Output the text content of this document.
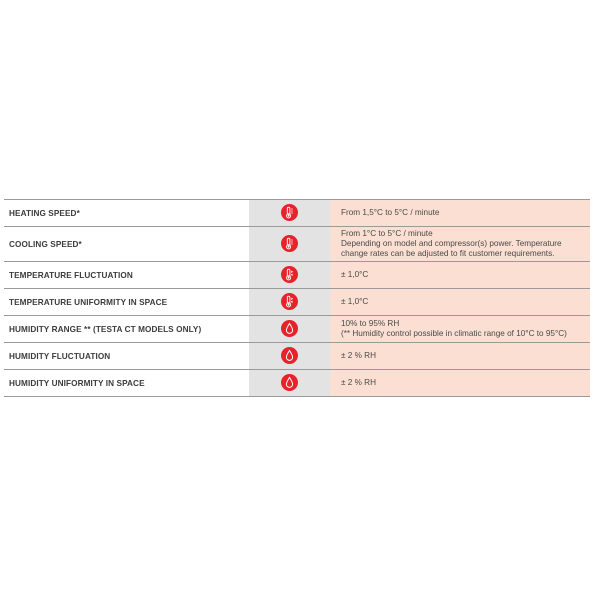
HEATING SPEED*		From 1,5°C to 5°C / minute

COOLING SPEED*		From 1°C to 5°C / minute
Depending on model and compressor(s) power. Temperature
change rates can be adjusted to fit customer requirements.

TEMPERATURE FLUCTUATION		± 1,0°C

TEMPERATURE UNIFORMITY IN SPACE		± 1,0°C

HUMIDITY RANGE ** (TESTA CT MODELS ONLY)		10% to 95% RH
(** Humidity control possible in climatic range of 10°C to 95°C)

HUMIDITY FLUCTUATION		± 2 % RH

HUMIDITY UNIFORMITY IN SPACE		± 2 % RH
